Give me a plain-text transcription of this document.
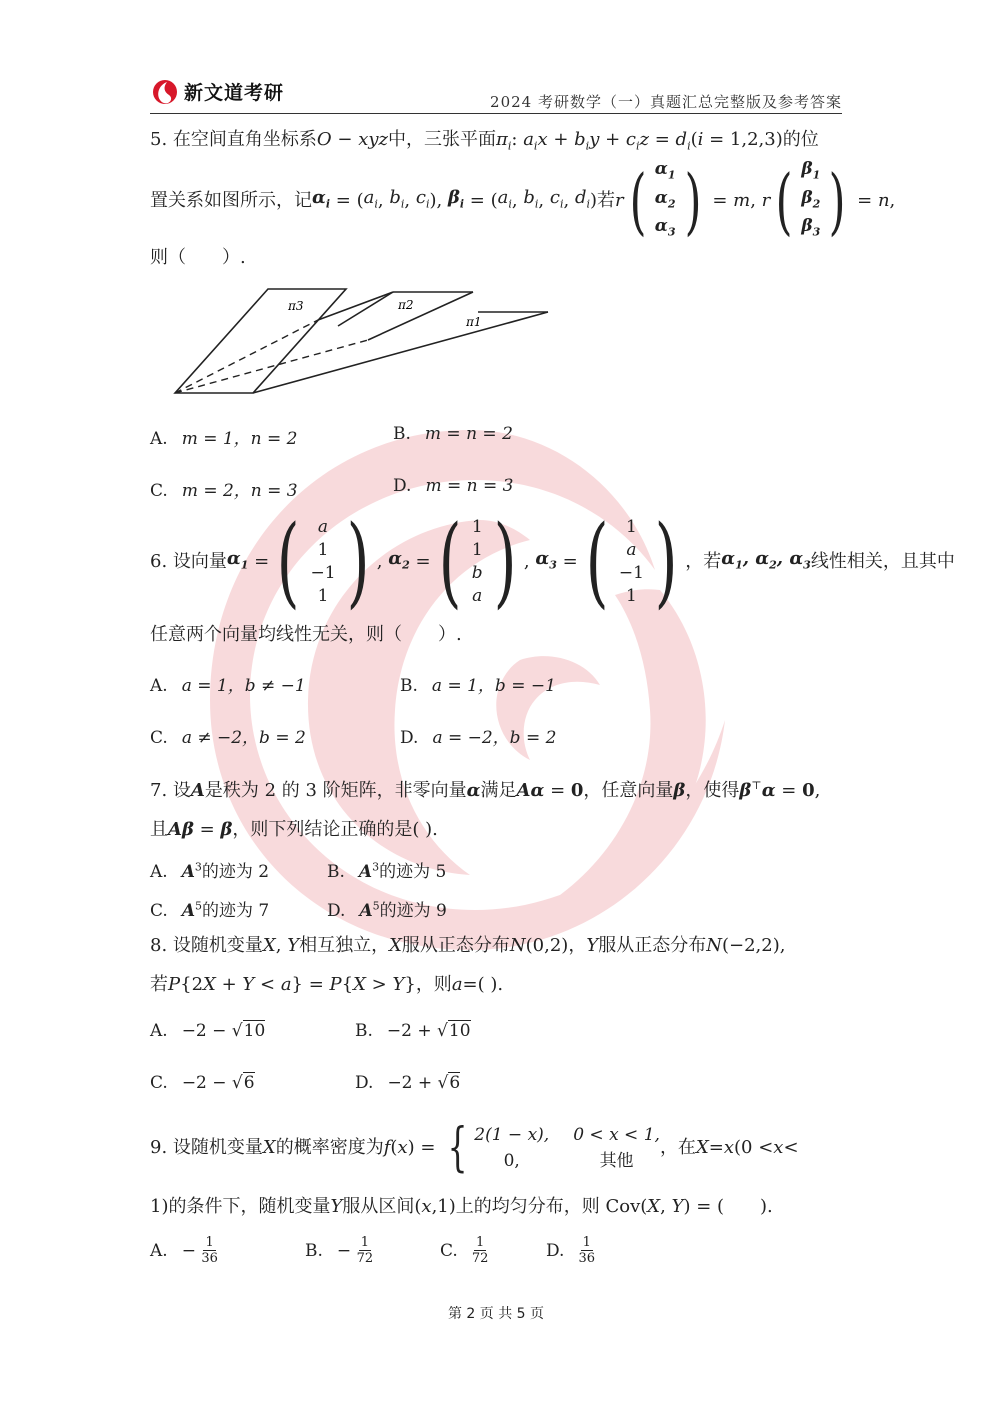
新文道考研	2024 考研数学（一）真题汇总完整版及参考答案
5. 在空间直角坐标系O − xyz中，三张平面$\pi_i$: $a_ix + b_iy + c_iz = d_i(i = 1,2,3)$的位
置关系如图所示，记 $\alpha_i$ = ( $a_i$ , $b_i$ , $c_i$ ), $\beta_i$ = ( $a_i$ , $b_i$ , $c_i$ , $d_i$ ) 若 r ( $\alpha_1$
$\alpha_2$
$\alpha_3$ ) = m , r ( $\beta_1$
$\beta_2$
$\beta_3$ ) = n ,
则（　　）.
π3	π2
π1
A. m = 1，n = 2	B. m = n = 2
C. m = 2，n = 3	D. m = n = 3
6. 设向量 $\alpha_1$ = ( a
1
−1
1 ) , $\alpha_2$ = ( 1
1
b
a ) , $\alpha_3$ = ( 1
a
−1
1 ) ，若 $\alpha_1$, $\alpha_2$, $\alpha_3$ 线性相关，且其中
任意两个向量均线性无关，则（　　）.
A. a = 1，b ≠ −1	B. a = 1，b = −1
C. a ≠ −2，b = 2	D. a = −2，b = 2
7. 设A是秩为 2 的 3 阶矩阵，非零向量α满足Aα = 0，任意向量β，使得β⊤α = 0,
且Aβ = β，则下列结论正确的是( ).
A. $A^3$的迹为 2	B. $A^3$的迹为 5
C. $A^5$的迹为 7	D. $A^5$的迹为 9
8. 设随机变量X, Y相互独立，X服从正态分布N(0,2)，Y服从正态分布N(−2,2),
若P{2X + Y < a} = P{X > Y}，则a=( ).
A. −2 − √10	B. −2 + √10
C. −2 − √6	D. −2 + √6
9. 设随机变量 X 的概率密度为 f ( x ) = { 2(1 − x), 0 < x < 1,
0,	其他
，在 X = x (0 < x <
1)的条件下，随机变量Y服从区间(x,1)上的均匀分布，则 Cov(X, Y) = (　　).
A. −
$\frac{1}{36}$	B. −
$\frac{1}{72}$	C. $\frac{1}{72}$	D. $\frac{1}{36}$
第 2 页 共 5 页
